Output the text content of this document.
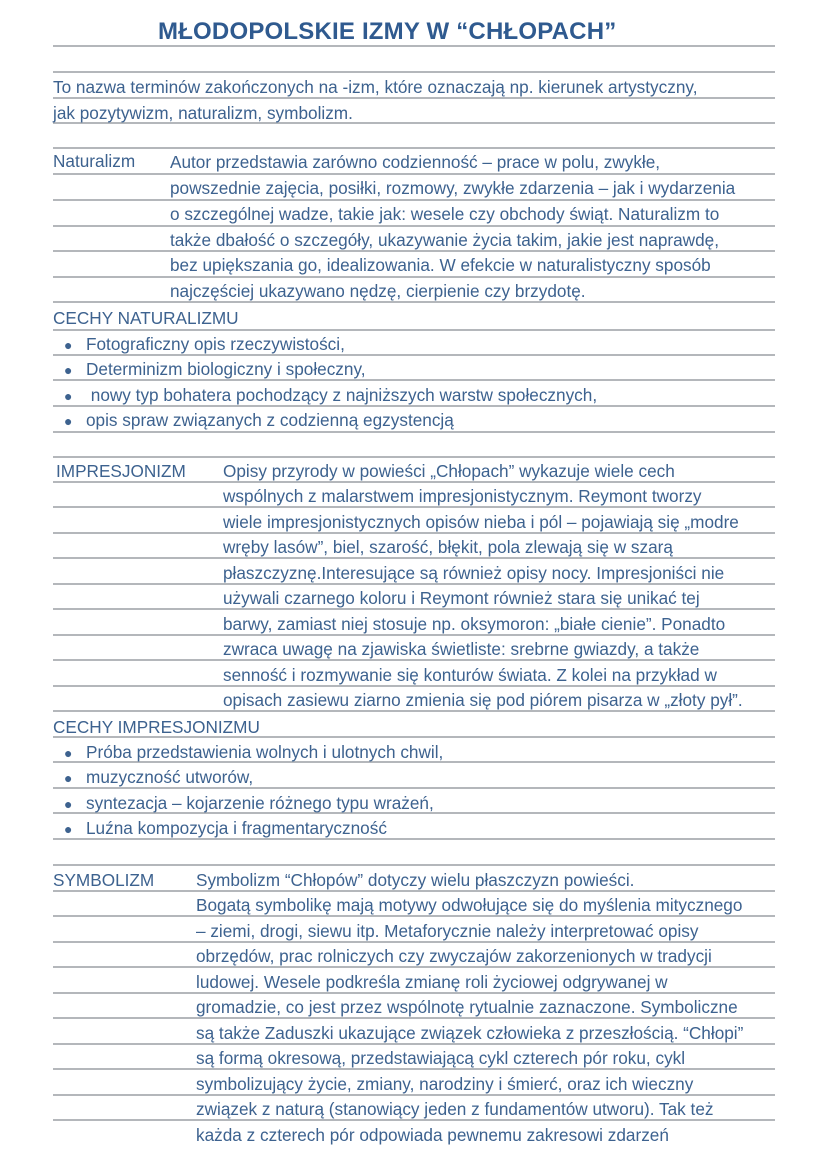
MŁODOPOLSKIE IZMY W “CHŁOPACH”
To nazwa terminów zakończonych na -izm, które oznaczają np. kierunek artystyczny,
jak pozytywizm, naturalizm, symbolizm.
Naturalizm Autor przedstawia zarówno codzienność – prace w polu, zwykłe,
powszednie zajęcia, posiłki, rozmowy, zwykłe zdarzenia – jak i wydarzenia
o szczególnej wadze, takie jak: wesele czy obchody świąt. Naturalizm to
także dbałość o szczegóły, ukazywanie życia takim, jakie jest naprawdę,
bez upiększania go, idealizowania. W efekcie w naturalistyczny sposób
najczęściej ukazywano nędzę, cierpienie czy brzydotę.
CECHY NATURALIZMU
● Fotograficzny opis rzeczywistości,
● Determinizm biologiczny i społeczny,
● nowy typ bohatera pochodzący z najniższych warstw społecznych,
● opis spraw związanych z codzienną egzystencją
IMPRESJONIZM Opisy przyrody w powieści „Chłopach” wykazuje wiele cech
wspólnych z malarstwem impresjonistycznym. Reymont tworzy
wiele impresjonistycznych opisów nieba i pól – pojawiają się „modre
wręby lasów”, biel, szarość, błękit, pola zlewają się w szarą
płaszczyznę.Interesujące są również opisy nocy. Impresjoniści nie
używali czarnego koloru i Reymont również stara się unikać tej
barwy, zamiast niej stosuje np. oksymoron: „białe cienie”. Ponadto
zwraca uwagę na zjawiska świetliste: srebrne gwiazdy, a także
senność i rozmywanie się konturów świata. Z kolei na przykład w
opisach zasiewu ziarno zmienia się pod piórem pisarza w „złoty pył”.
CECHY IMPRESJONIZMU
● Próba przedstawienia wolnych i ulotnych chwil,
● muzyczność utworów,
● syntezacja – kojarzenie różnego typu wrażeń,
● Luźna kompozycja i fragmentaryczność
SYMBOLIZM Symbolizm “Chłopów” dotyczy wielu płaszczyzn powieści.
Bogatą symbolikę mają motywy odwołujące się do myślenia mitycznego
– ziemi, drogi, siewu itp. Metaforycznie należy interpretować opisy
obrzędów, prac rolniczych czy zwyczajów zakorzenionych w tradycji
ludowej. Wesele podkreśla zmianę roli życiowej odgrywanej w
gromadzie, co jest przez wspólnotę rytualnie zaznaczone. Symboliczne
są także Zaduszki ukazujące związek człowieka z przeszłością. “Chłopi”
są formą okresową, przedstawiającą cykl czterech pór roku, cykl
symbolizujący życie, zmiany, narodziny i śmierć, oraz ich wieczny
związek z naturą (stanowiący jeden z fundamentów utworu). Tak też
każda z czterech pór odpowiada pewnemu zakresowi zdarzeń
